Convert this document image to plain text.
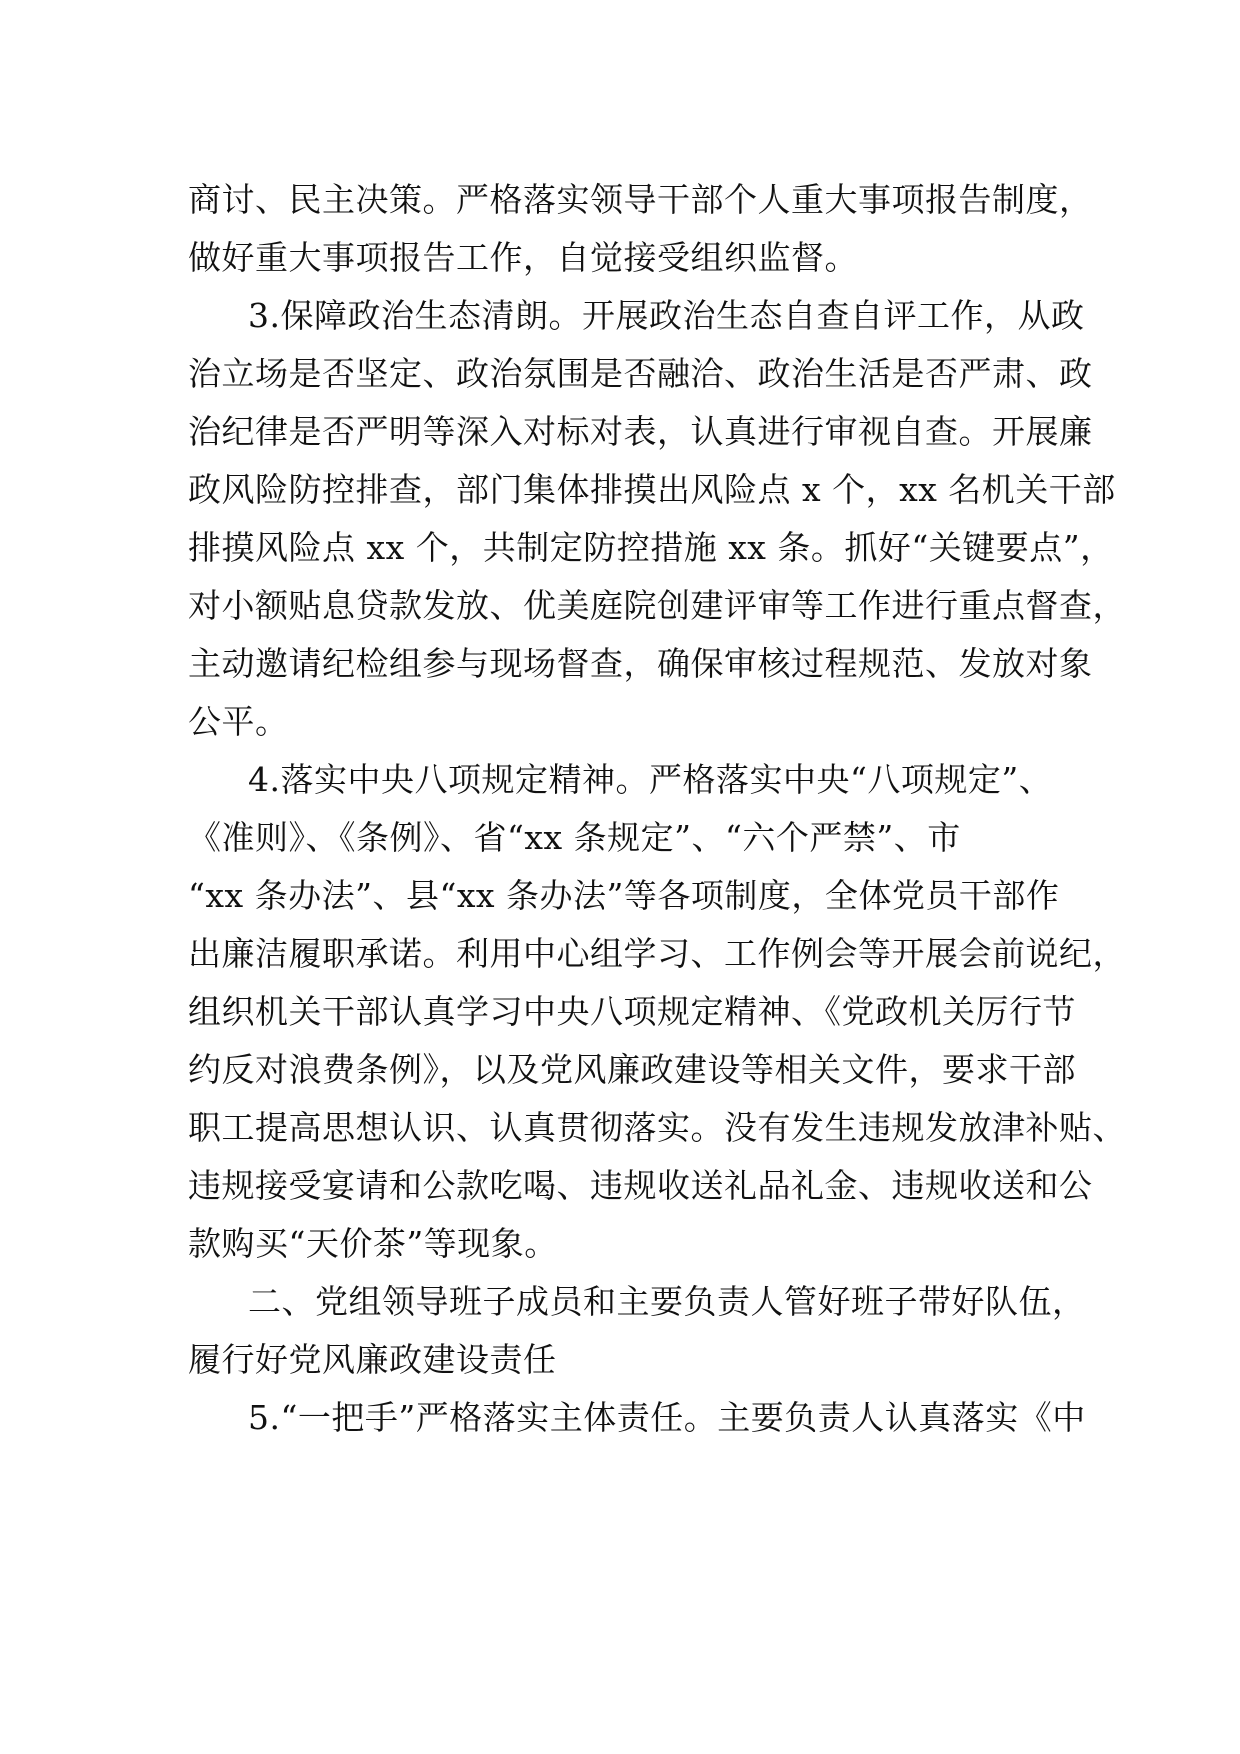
商讨、民主决策。严格落实领导干部个人重大事项报告制度，
做好重大事项报告工作，自觉接受组织监督。
3.保障政治生态清朗。开展政治生态自查自评工作，从政
治立场是否坚定、政治氛围是否融洽、政治生活是否严肃、政
治纪律是否严明等深入对标对表，认真进行审视自查。开展廉
政风险防控排查，部门集体排摸出风险点 x 个，xx 名机关干部
排摸风险点 xx 个，共制定防控措施 xx 条。抓好“关键要点”，
对小额贴息贷款发放、优美庭院创建评审等工作进行重点督查，
主动邀请纪检组参与现场督查，确保审核过程规范、发放对象
公平。
4.落实中央八项规定精神。严格落实中央“八项规定”、
《准则》、《条例》、省“xx 条规定”、“六个严禁”、市
“xx 条办法”、县“xx 条办法”等各项制度，全体党员干部作
出廉洁履职承诺。利用中心组学习、工作例会等开展会前说纪，
组织机关干部认真学习中央八项规定精神、《党政机关厉行节
约反对浪费条例》，以及党风廉政建设等相关文件，要求干部
职工提高思想认识、认真贯彻落实。没有发生违规发放津补贴、
违规接受宴请和公款吃喝、违规收送礼品礼金、违规收送和公
款购买“天价茶”等现象。
二、党组领导班子成员和主要负责人管好班子带好队伍，
履行好党风廉政建设责任
5.“一把手”严格落实主体责任。主要负责人认真落实《中
